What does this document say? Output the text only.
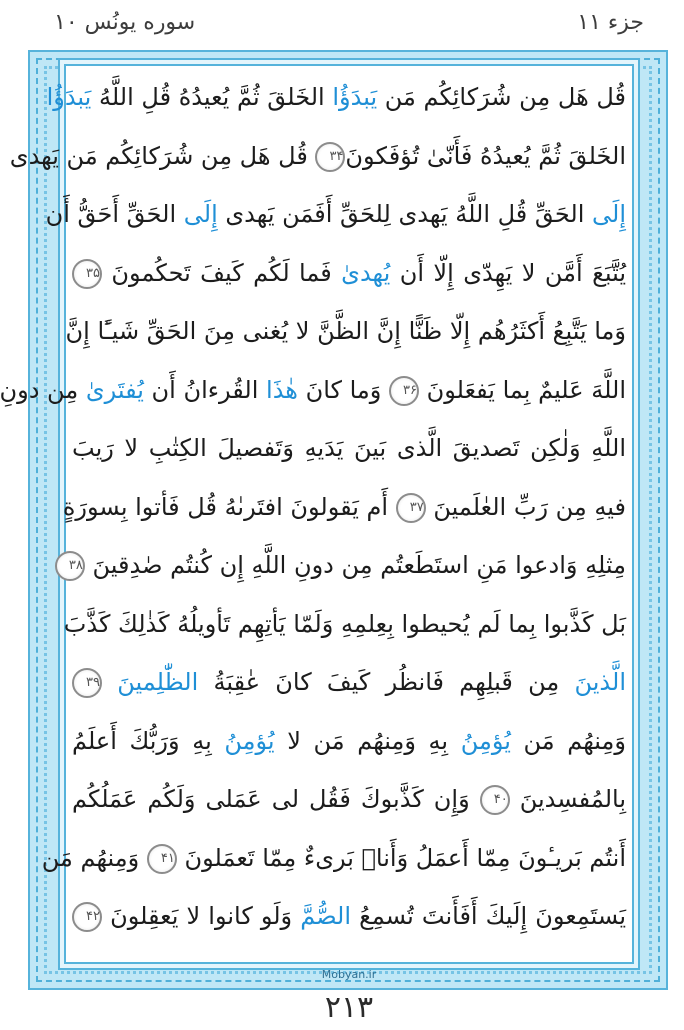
جزء ۱۱
سوره يونُس ۱۰
قُل هَل مِن شُرَكائِكُم مَن يَبدَؤُا الخَلقَ ثُمَّ يُعيدُهُ قُلِ اللَّهُ يَبدَؤُا
الخَلقَ ثُمَّ يُعيدُهُ فَأَنّىٰ تُؤفَكونَ۳۴ قُل هَل مِن شُرَكائِكُم مَن يَهدى
إِلَى الحَقِّ قُلِ اللَّهُ يَهدى لِلحَقِّ أَفَمَن يَهدى إِلَى الحَقِّ أَحَقُّ أَن
يُتَّبَعَ أَمَّن لا يَهِدّى إِلّا أَن يُهدىٰ فَما لَكُم كَيفَ تَحكُمونَ ۳۵
وَما يَتَّبِعُ أَكثَرُهُم إِلّا ظَنًّا إِنَّ الظَّنَّ لا يُغنى مِنَ الحَقِّ شَيـًٔا إِنَّ
اللَّهَ عَليمٌ بِما يَفعَلونَ ۳۶ وَما كانَ هٰذَا القُرءانُ أَن يُفتَرىٰ مِن دونِ
اللَّهِ وَلٰكِن تَصديقَ الَّذى بَينَ يَدَيهِ وَتَفصيلَ الكِتٰبِ لا رَيبَ
فيهِ مِن رَبِّ العٰلَمينَ ۳۷ أَم يَقولونَ افتَرىٰهُ قُل فَأتوا بِسورَةٍ
مِثلِهِ وَادعوا مَنِ استَطَعتُم مِن دونِ اللَّهِ إِن كُنتُم صٰدِقينَ ۳۸
بَل كَذَّبوا بِما لَم يُحيطوا بِعِلمِهِ وَلَمّا يَأتِهِم تَأويلُهُ كَذٰلِكَ كَذَّبَ
الَّذينَ مِن قَبلِهِم فَانظُر كَيفَ كانَ عٰقِبَةُ الظّٰلِمينَ ۳۹
وَمِنهُم مَن يُؤمِنُ بِهِ وَمِنهُم مَن لا يُؤمِنُ بِهِ وَرَبُّكَ أَعلَمُ
بِالمُفسِدينَ ۴۰ وَإِن كَذَّبوكَ فَقُل لى عَمَلى وَلَكُم عَمَلُكُم
أَنتُم بَريـٔونَ مِمّا أَعمَلُ وَأَنا۠ بَرىءٌ مِمّا تَعمَلونَ ۴۱ وَمِنهُم مَن
يَستَمِعونَ إِلَيكَ أَفَأَنتَ تُسمِعُ الصُّمَّ وَلَو كانوا لا يَعقِلونَ ۴۲
Mobyan.ir
۲۱۳
